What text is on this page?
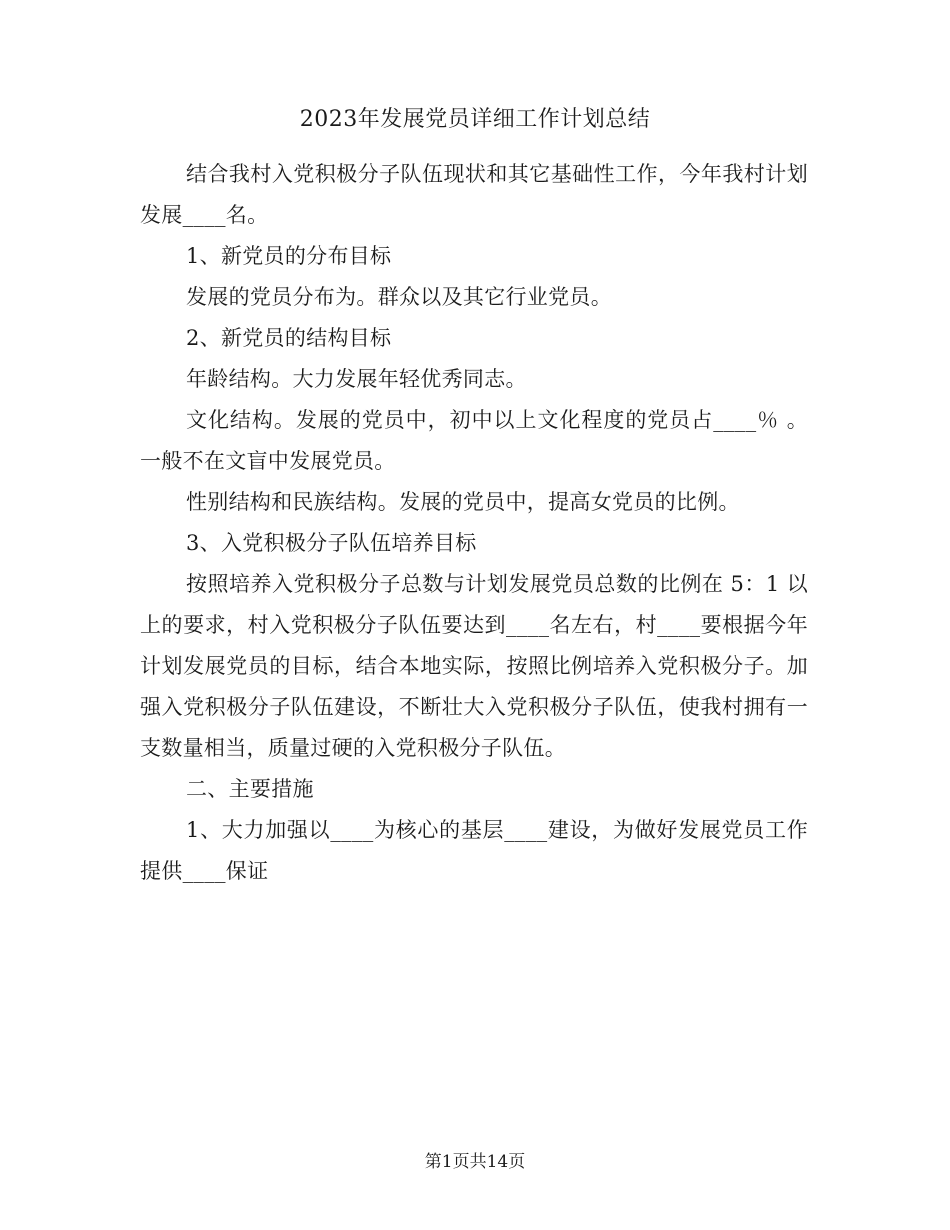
2023年发展党员详细工作计划总结

结合我村入党积极分子队伍现状和其它基础性工作，今年我村计划发展____名。

1、新党员的分布目标

发展的党员分布为。群众以及其它行业党员。

2、新党员的结构目标

年龄结构。大力发展年轻优秀同志。

文化结构。发展的党员中，初中以上文化程度的党员占____％ 。一般不在文盲中发展党员。

性别结构和民族结构。发展的党员中，提高女党员的比例。

3、入党积极分子队伍培养目标

按照培养入党积极分子总数与计划发展党员总数的比例在 5：1 以上的要求，村入党积极分子队伍要达到____名左右，村____要根据今年计划发展党员的目标，结合本地实际，按照比例培养入党积极分子。加强入党积极分子队伍建设，不断壮大入党积极分子队伍，使我村拥有一支数量相当，质量过硬的入党积极分子队伍。

二、主要措施

1、大力加强以____为核心的基层____建设，为做好发展党员工作提供____保证

第1页共14页
